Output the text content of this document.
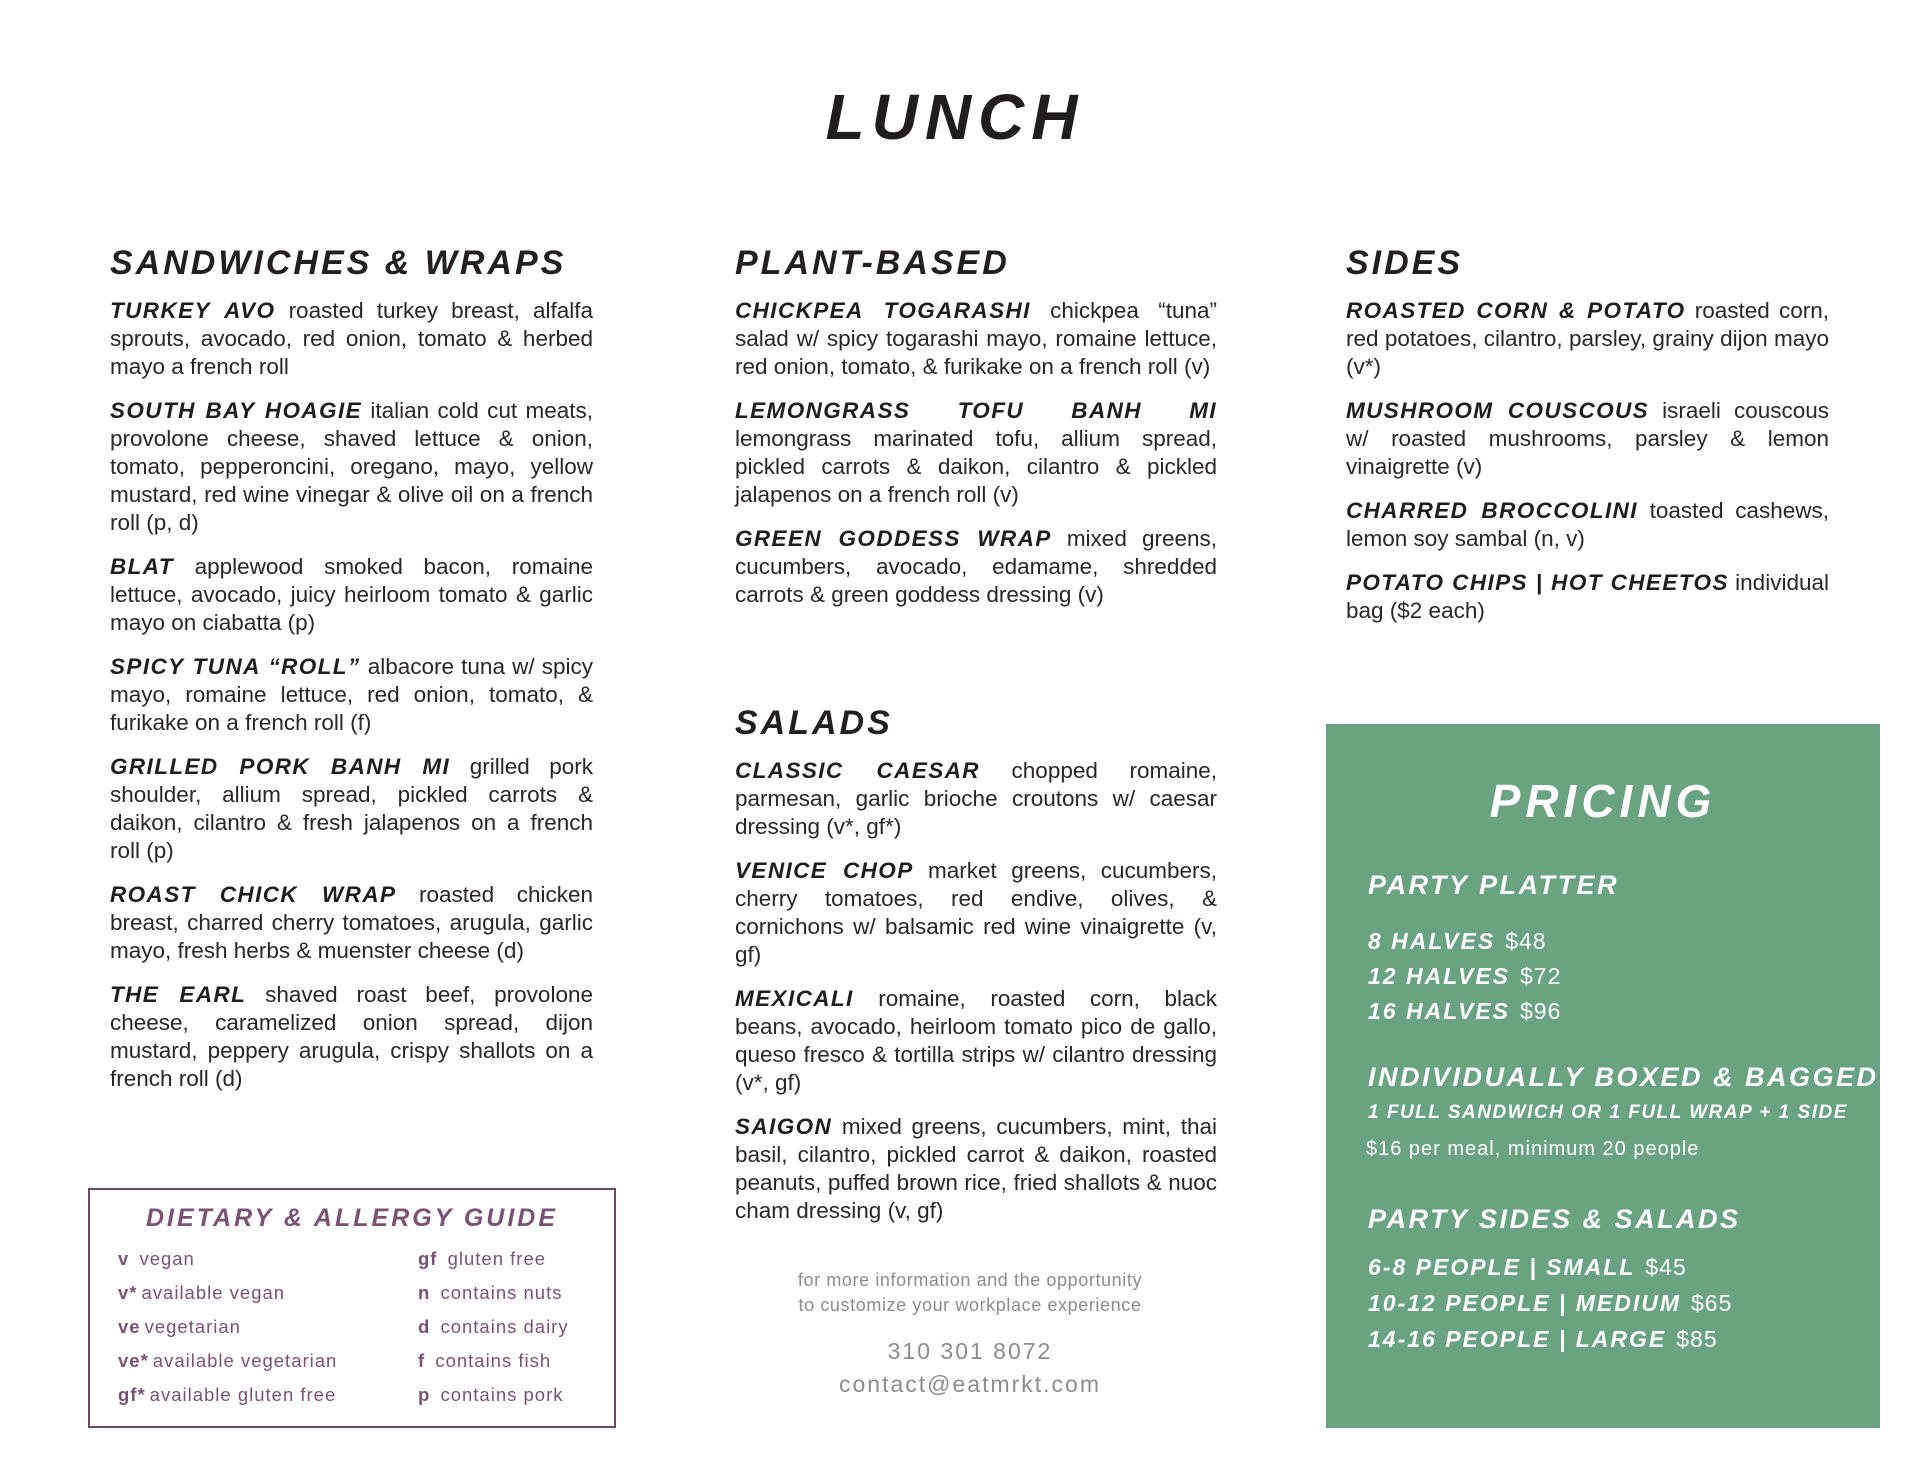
LUNCH
SANDWICHES & WRAPS

TURKEY AVO roasted turkey breast, alfalfa sprouts, avocado, red onion, tomato & herbed mayo a french roll

SOUTH BAY HOAGIE italian cold cut meats, provolone cheese, shaved lettuce & onion, tomato, pepperoncini, oregano, mayo, yellow mustard, red wine vinegar & olive oil on a french roll (p, d)

BLAT applewood smoked bacon, romaine lettuce, avocado, juicy heirloom tomato & garlic mayo on ciabatta (p)

SPICY TUNA “ROLL” albacore tuna w/ spicy mayo, romaine lettuce, red onion, tomato, & furikake on a french roll (f)

GRILLED PORK BANH MI grilled pork shoulder, allium spread, pickled carrots & daikon, cilantro & fresh jalapenos on a french roll (p)

ROAST CHICK WRAP roasted chicken breast, charred cherry tomatoes, arugula, garlic mayo, fresh herbs & muenster cheese (d)

THE EARL shaved roast beef, provolone cheese, caramelized onion spread, dijon mustard, peppery arugula, crispy shallots on a french roll (d)

PLANT-BASED

CHICKPEA TOGARASHI chickpea “tuna” salad w/ spicy togarashi mayo, romaine lettuce, red onion, tomato, & furikake on a french roll (v)

LEMONGRASS TOFU BANH MI lemongrass marinated tofu, allium spread, pickled carrots & daikon, cilantro & pickled jalapenos on a french roll (v)

GREEN GODDESS WRAP mixed greens, cucumbers, avocado, edamame, shredded carrots & green goddess dressing (v)

SALADS

CLASSIC CAESAR chopped romaine, parmesan, garlic brioche croutons w/ caesar dressing (v*, gf*)

VENICE CHOP market greens, cucumbers, cherry tomatoes, red endive, olives, & cornichons w/ balsamic red wine vinaigrette (v, gf)

MEXICALI romaine, roasted corn, black beans, avocado, heirloom tomato pico de gallo, queso fresco & tortilla strips w/ cilantro dressing (v*, gf)

SAIGON mixed greens, cucumbers, mint, thai basil, cilantro, pickled carrot & daikon, roasted peanuts, puffed brown rice, fried shallots & nuoc cham dressing (v, gf)

SIDES

ROASTED CORN & POTATO roasted corn, red potatoes, cilantro, parsley, grainy dijon mayo (v*)

MUSHROOM COUSCOUS israeli couscous w/ roasted mushrooms, parsley & lemon vinaigrette (v)

CHARRED BROCCOLINI toasted cashews, lemon soy sambal (n, v)

POTATO CHIPS | HOT CHEETOS individual bag ($2 each)

DIETARY & ALLERGY GUIDE
v vegan
v* available vegan
ve vegetarian
ve* available vegetarian
gf* available gluten free
gf gluten free
n contains nuts
d contains dairy
f contains fish
p contains pork
for more information and the opportunity
to customize your workplace experience
310 301 8072
contact@eatmrkt.com
PRICING
PARTY PLATTER
8 HALVES $48
12 HALVES $72
16 HALVES $96
INDIVIDUALLY BOXED & BAGGED
1 FULL SANDWICH OR 1 FULL WRAP + 1 SIDE
$16 per meal, minimum 20 people
PARTY SIDES & SALADS
6-8 PEOPLE | SMALL $45
10-12 PEOPLE | MEDIUM $65
14-16 PEOPLE | LARGE $85
